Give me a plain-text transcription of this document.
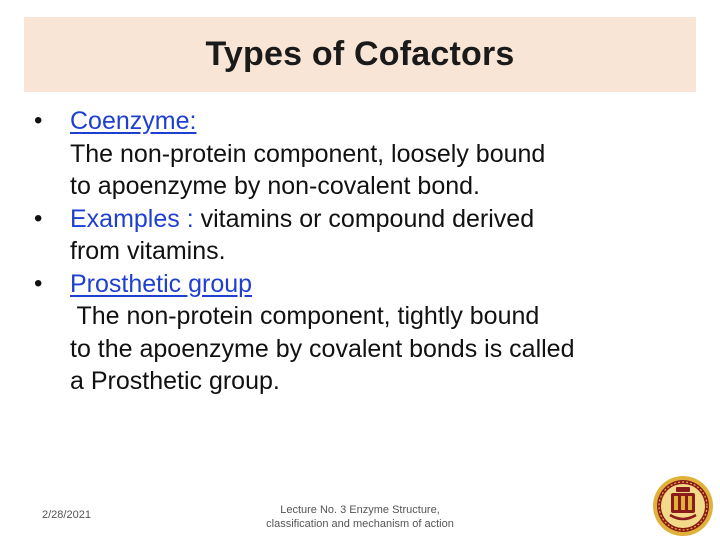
Types of Cofactors
•	Coenzyme:
The non-protein component, loosely bound
to apoenzyme by non-covalent bond.
•	Examples : vitamins or compound derived
from vitamins.
•	Prosthetic group
The non-protein component, tightly bound
to the apoenzyme by covalent bonds is called
a Prosthetic group.
2/28/2021	Lecture No. 3 Enzyme Structure,
classification and mechanism of action
